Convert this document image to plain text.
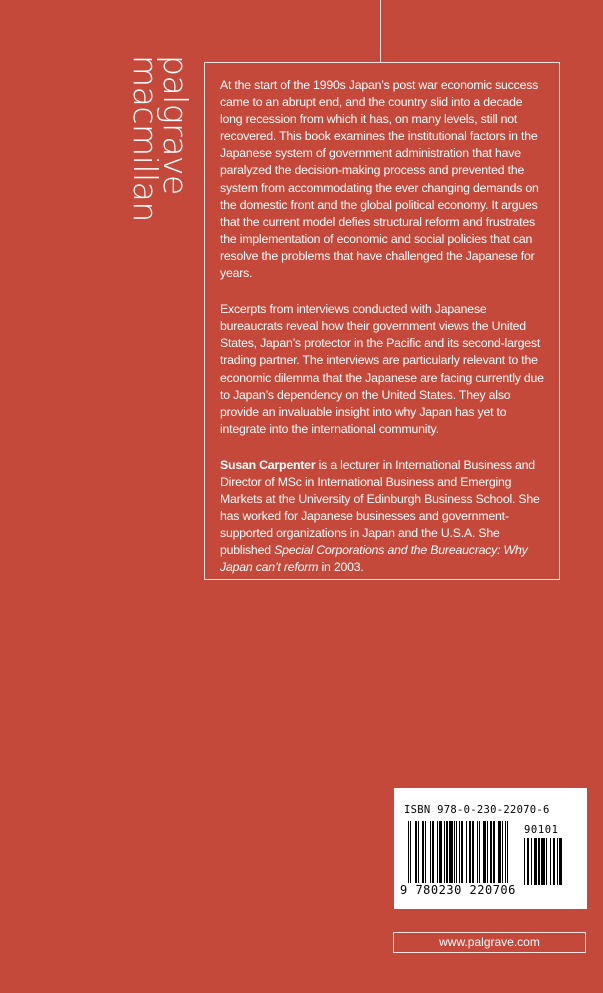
palgrave
macmillan	At the start of the 1990s Japan’s post war economic success came to an abrupt end, and the country slid into a decade long recession from which it has, on many levels, still not recovered. This book examines the institutional factors in the Japanese system of government administration that have paralyzed the decision-making process and prevented the system from accommodating the ever changing demands on the domestic front and the global political economy. It argues that the current model defies structural reform and frustrates the implementation of economic and social policies that can resolve the problems that have challenged the Japanese for years.

Excerpts from interviews conducted with Japanese bureaucrats reveal how their government views the United States, Japan’s protector in the Pacific and its second-largest trading partner. The interviews are particularly relevant to the economic dilemma that the Japanese are facing currently due to Japan’s dependency on the United States. They also provide an invaluable insight into why Japan has yet to integrate into the international community.

Susan Carpenter is a lecturer in International Business and Director of MSc in International Business and Emerging Markets at the University of Edinburgh Business School. She has worked for Japanese businesses and government-supported organizations in Japan and the U.S.A. She published Special Corporations and the Bureaucracy: Why Japan can’t reform in 2003.

ISBN 978-0-230-22070-6
90101
9 780230 220706
www.palgrave.com
